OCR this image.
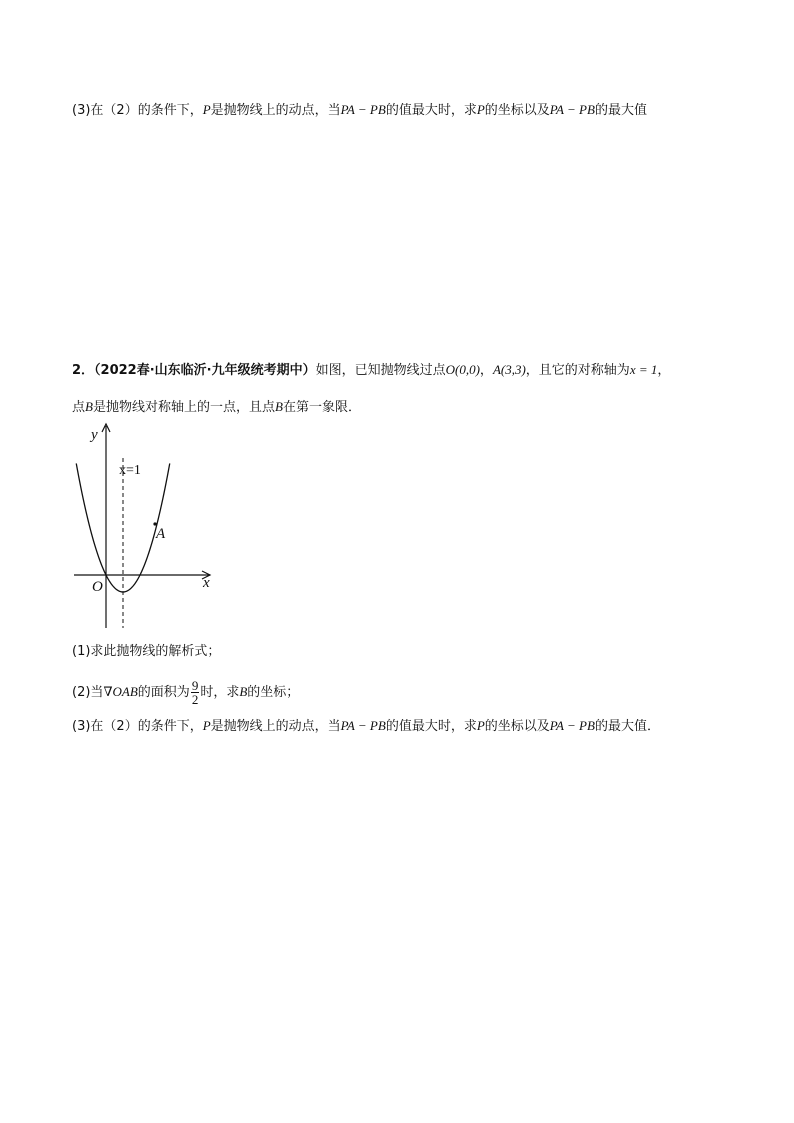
(3)在（2）的条件下，P是抛物线上的动点，当PA − PB的值最大时，求P的坐标以及PA − PB的最大值
2．（2022春·山东临沂·九年级统考期中）如图，已知抛物线过点O(0,0)，A(3,3)，且它的对称轴为x = 1，
点B是抛物线对称轴上的一点，且点B在第一象限．
y
x
O
x=1
A
(1)求此抛物线的解析式；
(2)当∇OAB的面积为 $\frac{9}{2}$ 时，求B的坐标；
(3)在（2）的条件下，P是抛物线上的动点，当PA − PB的值最大时，求P的坐标以及PA − PB的最大值．
